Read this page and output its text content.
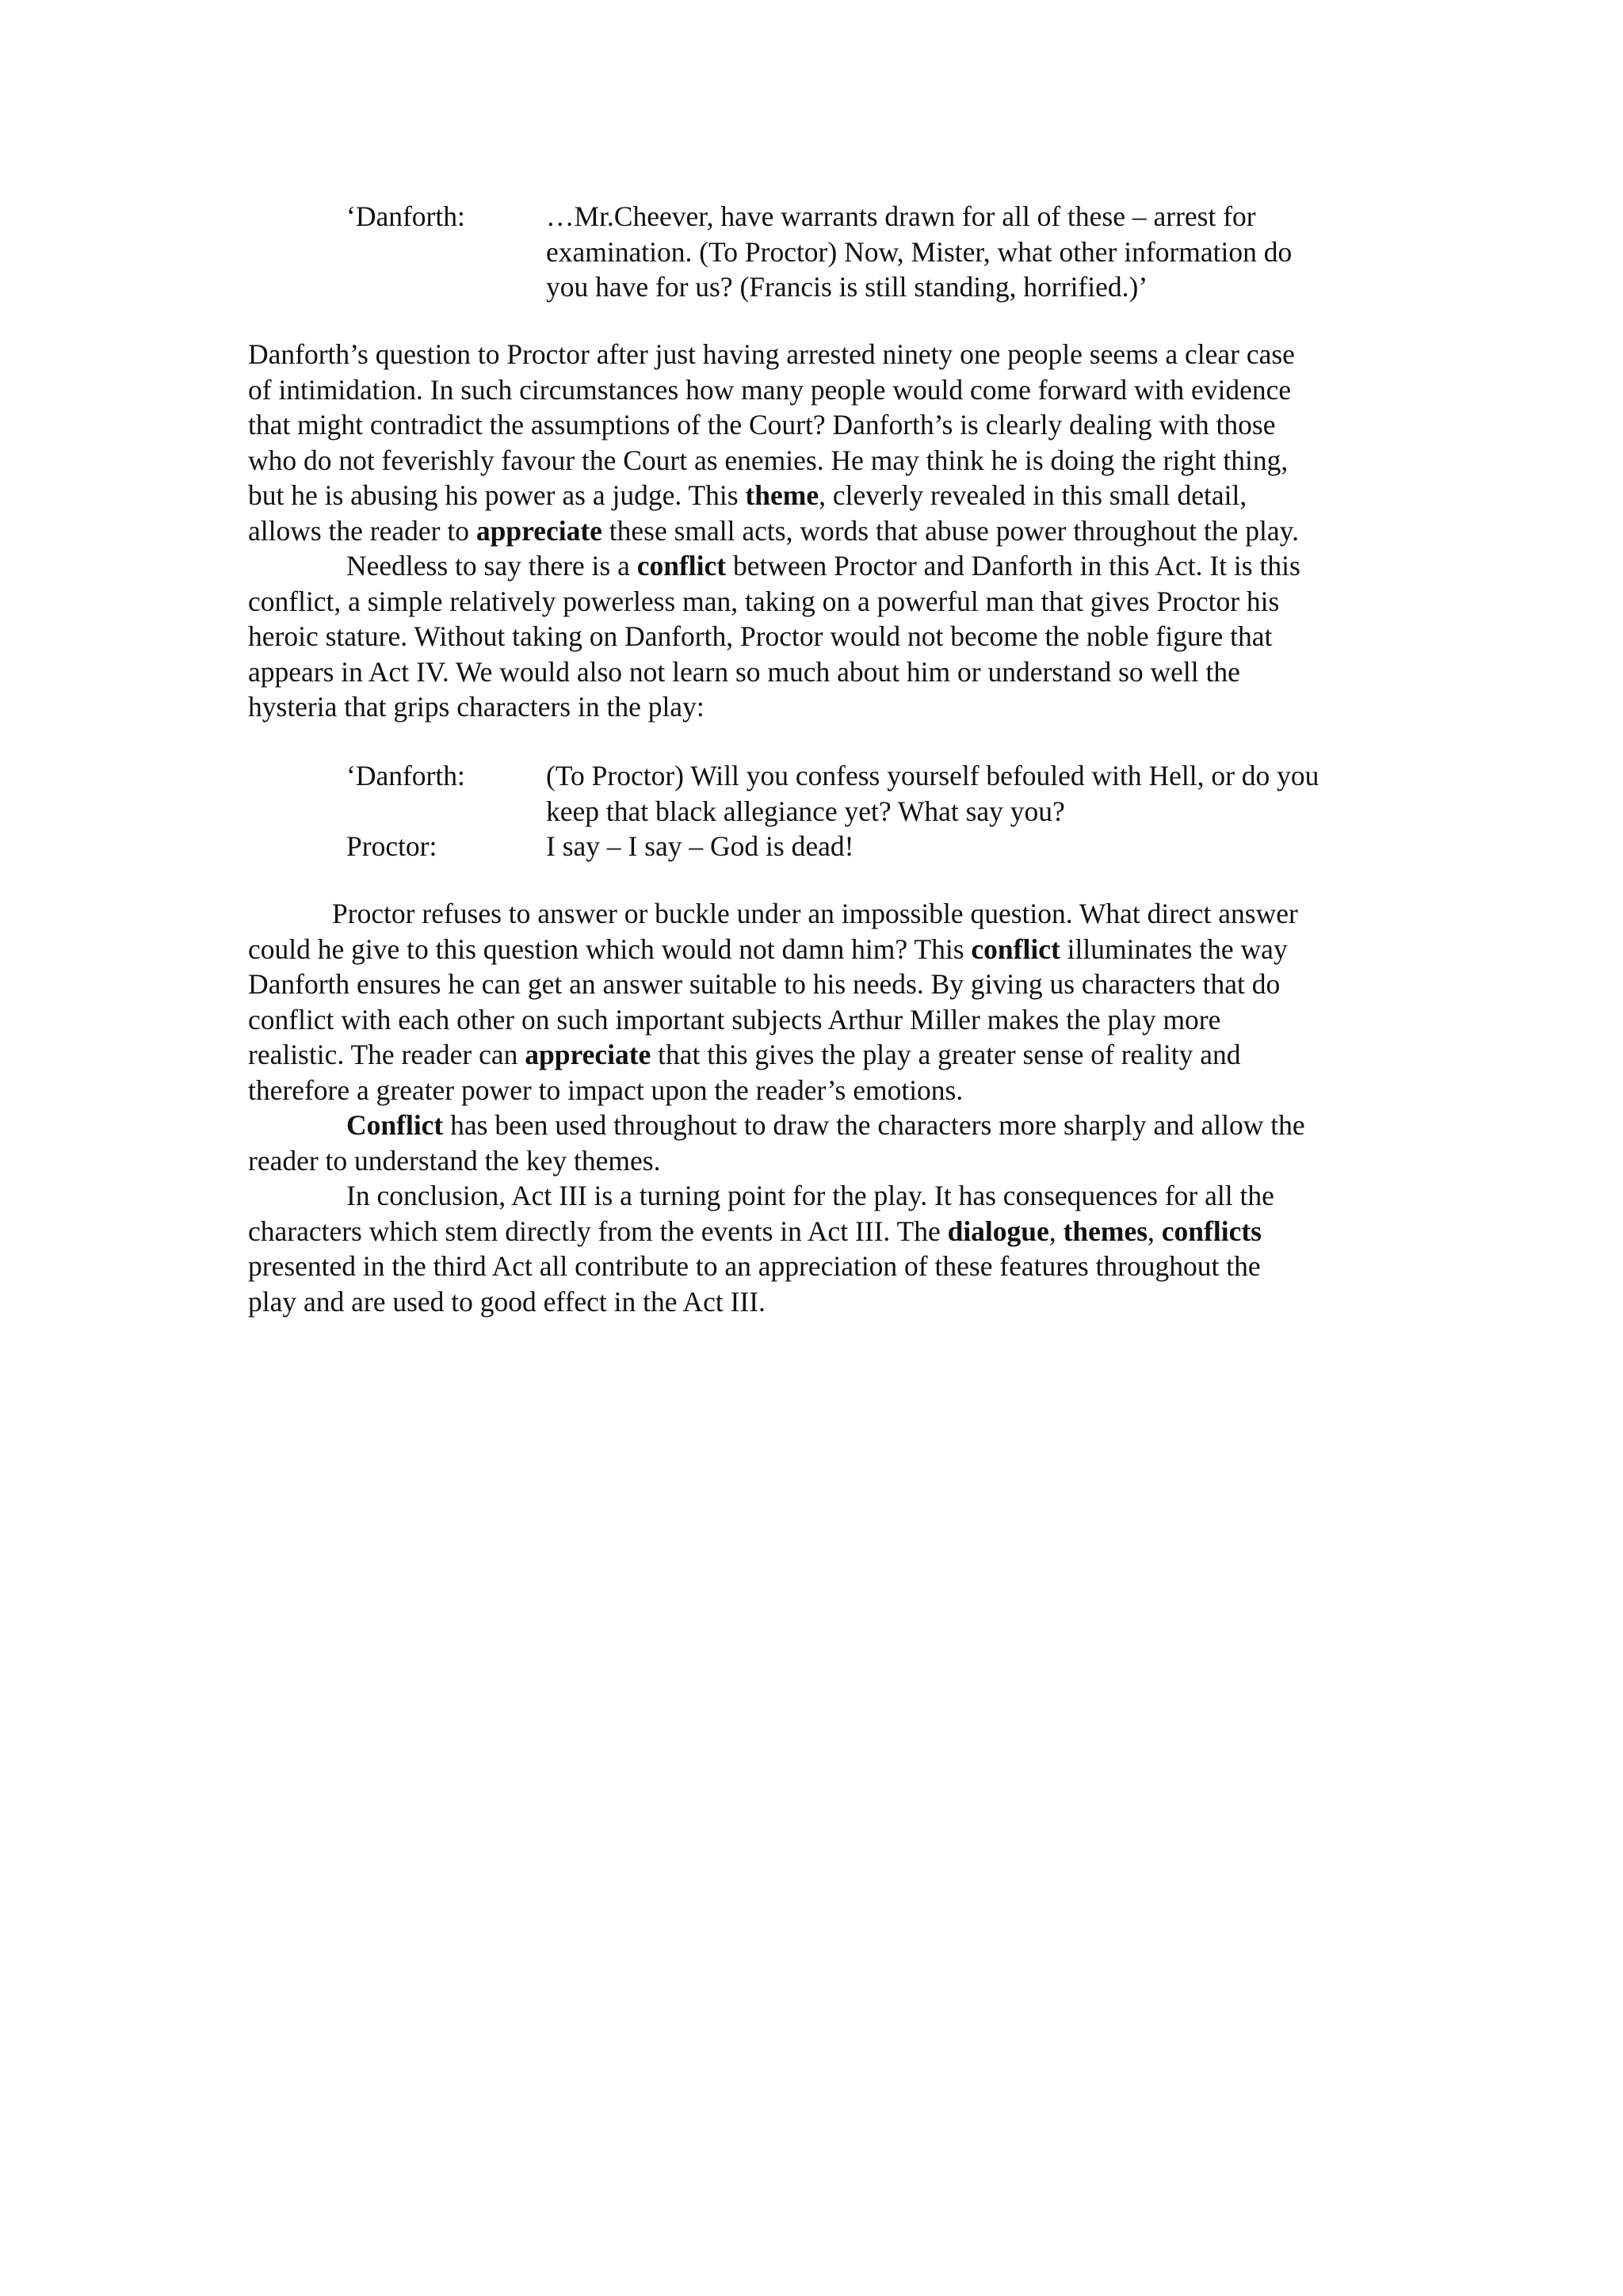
‘Danforth:	…Mr.Cheever, have warrants drawn for all of these – arrest for
examination. (To Proctor) Now, Mister, what other information do
you have for us? (Francis is still standing, horrified.)’
Danforth’s question to Proctor after just having arrested ninety one people seems a clear case
of intimidation. In such circumstances how many people would come forward with evidence
that might contradict the assumptions of the Court? Danforth’s is clearly dealing with those
who do not feverishly favour the Court as enemies. He may think he is doing the right thing,
but he is abusing his power as a judge. This theme, cleverly revealed in this small detail,
allows the reader to appreciate these small acts, words that abuse power throughout the play.
Needless to say there is a conflict between Proctor and Danforth in this Act. It is this
conflict, a simple relatively powerless man, taking on a powerful man that gives Proctor his
heroic stature. Without taking on Danforth, Proctor would not become the noble figure that
appears in Act IV. We would also not learn so much about him or understand so well the
hysteria that grips characters in the play:
‘Danforth:	(To Proctor) Will you confess yourself befouled with Hell, or do you
keep that black allegiance yet? What say you?
Proctor:	I say – I say – God is dead!
Proctor refuses to answer or buckle under an impossible question. What direct answer
could he give to this question which would not damn him? This conflict illuminates the way
Danforth ensures he can get an answer suitable to his needs. By giving us characters that do
conflict with each other on such important subjects Arthur Miller makes the play more
realistic. The reader can appreciate that this gives the play a greater sense of reality and
therefore a greater power to impact upon the reader’s emotions.
Conflict has been used throughout to draw the characters more sharply and allow the
reader to understand the key themes.
In conclusion, Act III is a turning point for the play. It has consequences for all the
characters which stem directly from the events in Act III. The dialogue, themes, conflicts
presented in the third Act all contribute to an appreciation of these features throughout the
play and are used to good effect in the Act III.
